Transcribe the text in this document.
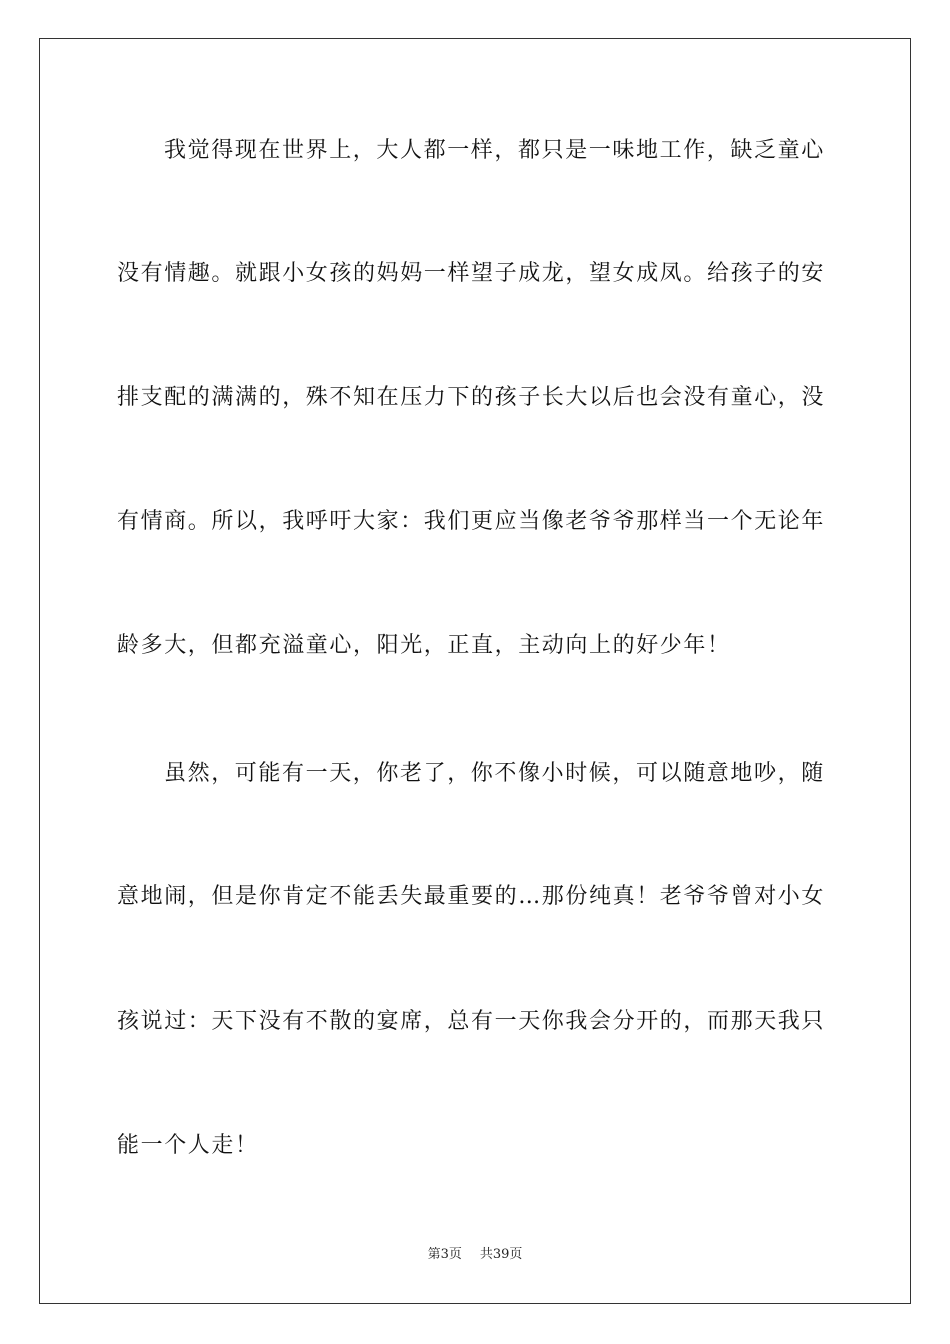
我觉得现在世界上，大人都一样，都只是一味地工作，缺乏童心
没有情趣。就跟小女孩的妈妈一样望子成龙，望女成凤。给孩子的安
排支配的满满的，殊不知在压力下的孩子长大以后也会没有童心，没
有情商。所以，我呼吁大家：我们更应当像老爷爷那样当一个无论年
龄多大，但都充溢童心，阳光，正直，主动向上的好少年！
虽然，可能有一天，你老了，你不像小时候，可以随意地吵，随
意地闹，但是你肯定不能丢失最重要的…那份纯真！老爷爷曾对小女
孩说过：天下没有不散的宴席，总有一天你我会分开的，而那天我只
能一个人走！
第3页 共39页
